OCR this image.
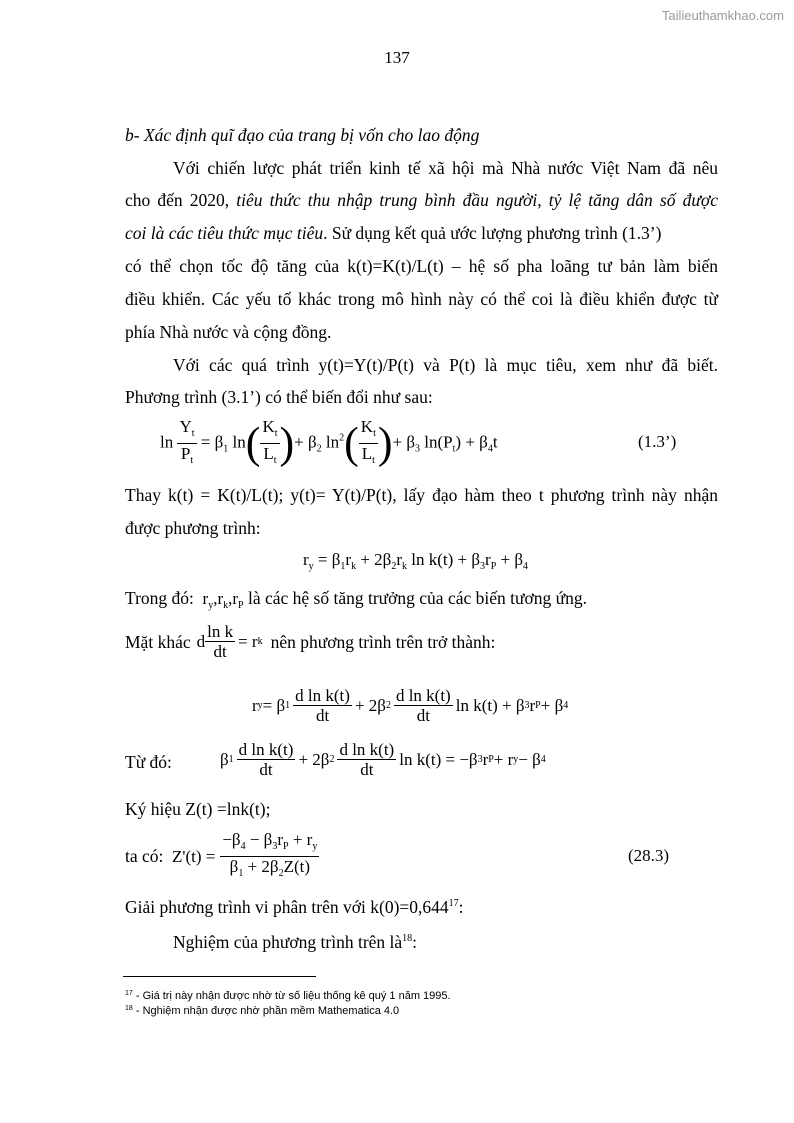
Tailieuthamkhao.com
137
b- Xác định quĩ đạo của trang bị vốn cho lao động
Với chiến lược phát triển kinh tế xã hội mà Nhà nước Việt Nam đã nêu
cho đến 2020, tiêu thức thu nhập trung bình đầu người, tỷ lệ tăng dân số được
coi là các tiêu thức mục tiêu. Sử dụng kết quả ước lượng phương trình (1.3’)
có thể chọn tốc độ tăng của k(t)=K(t)/L(t) – hệ số pha loãng tư bản làm biến
điều khiển. Các yếu tố khác trong mô hình này có thể coi là điều khiển được từ
phía Nhà nước và cộng đồng.
Với các quá trình y(t)=Y(t)/P(t) và P(t) là mục tiêu, xem như đã biết.
Phương trình (3.1’) có thể biến đổi như sau:
$\ln \frac{Y_t}{P_t} = \beta_1$ $\ln( \frac{K_t}{L_t}$ )+ $\beta_2$ $\ln^2( \frac{K_t}{L_t}$ )+ $\beta_3$ $\ln(P_t) + \beta_4t$	(1.3’)
Thay k(t) = K(t)/L(t); y(t)= Y(t)/P(t), lấy đạo hàm theo t phương trình này nhận
được phương trình:
$r_y = \beta_1r_k + 2\beta_2r_k$ $\ln k(t) + \beta_3r_P + \beta_4$
Trong đó: $r_y,r_k,r_P$ là các hệ số tăng trưởng của các biến tương ứng.
Mặt khác d $\frac{\text{ln k}}{dt} = r$ k nên phương trình trên trở thành:
r y = β $1 \frac{\text{d ln k(t)}}{dt} + 2\beta$ $2 \frac{\text{d ln k(t)}}{dt}$ ln k(t) + β 3 r P + β 4
Từ đó:	β $1 \frac{\text{d ln k(t)}}{dt} + 2\beta$ $2 \frac{\text{d ln k(t)}}{dt}$ ln k(t) = −β 3 r P + r y − β 4
Ký hiệu Z(t) =lnk(t);
ta có: $Z'(t) = \frac{-\beta_4 - \beta_3r_P + r_y}{\beta_1 + 2\beta_2Z(t)}$	(28.3)
Giải phương trình vi phân trên với $k(0)=0,644^{17}$:
Nghiệm của phương trình trên $là^{18}$:
$^{17}$ - Giá trị này nhận được nhờ từ số liệu thống kê quý 1 năm 1995.
$^{18}$ - Nghiệm nhận được nhờ phần mềm Mathematica 4.0
